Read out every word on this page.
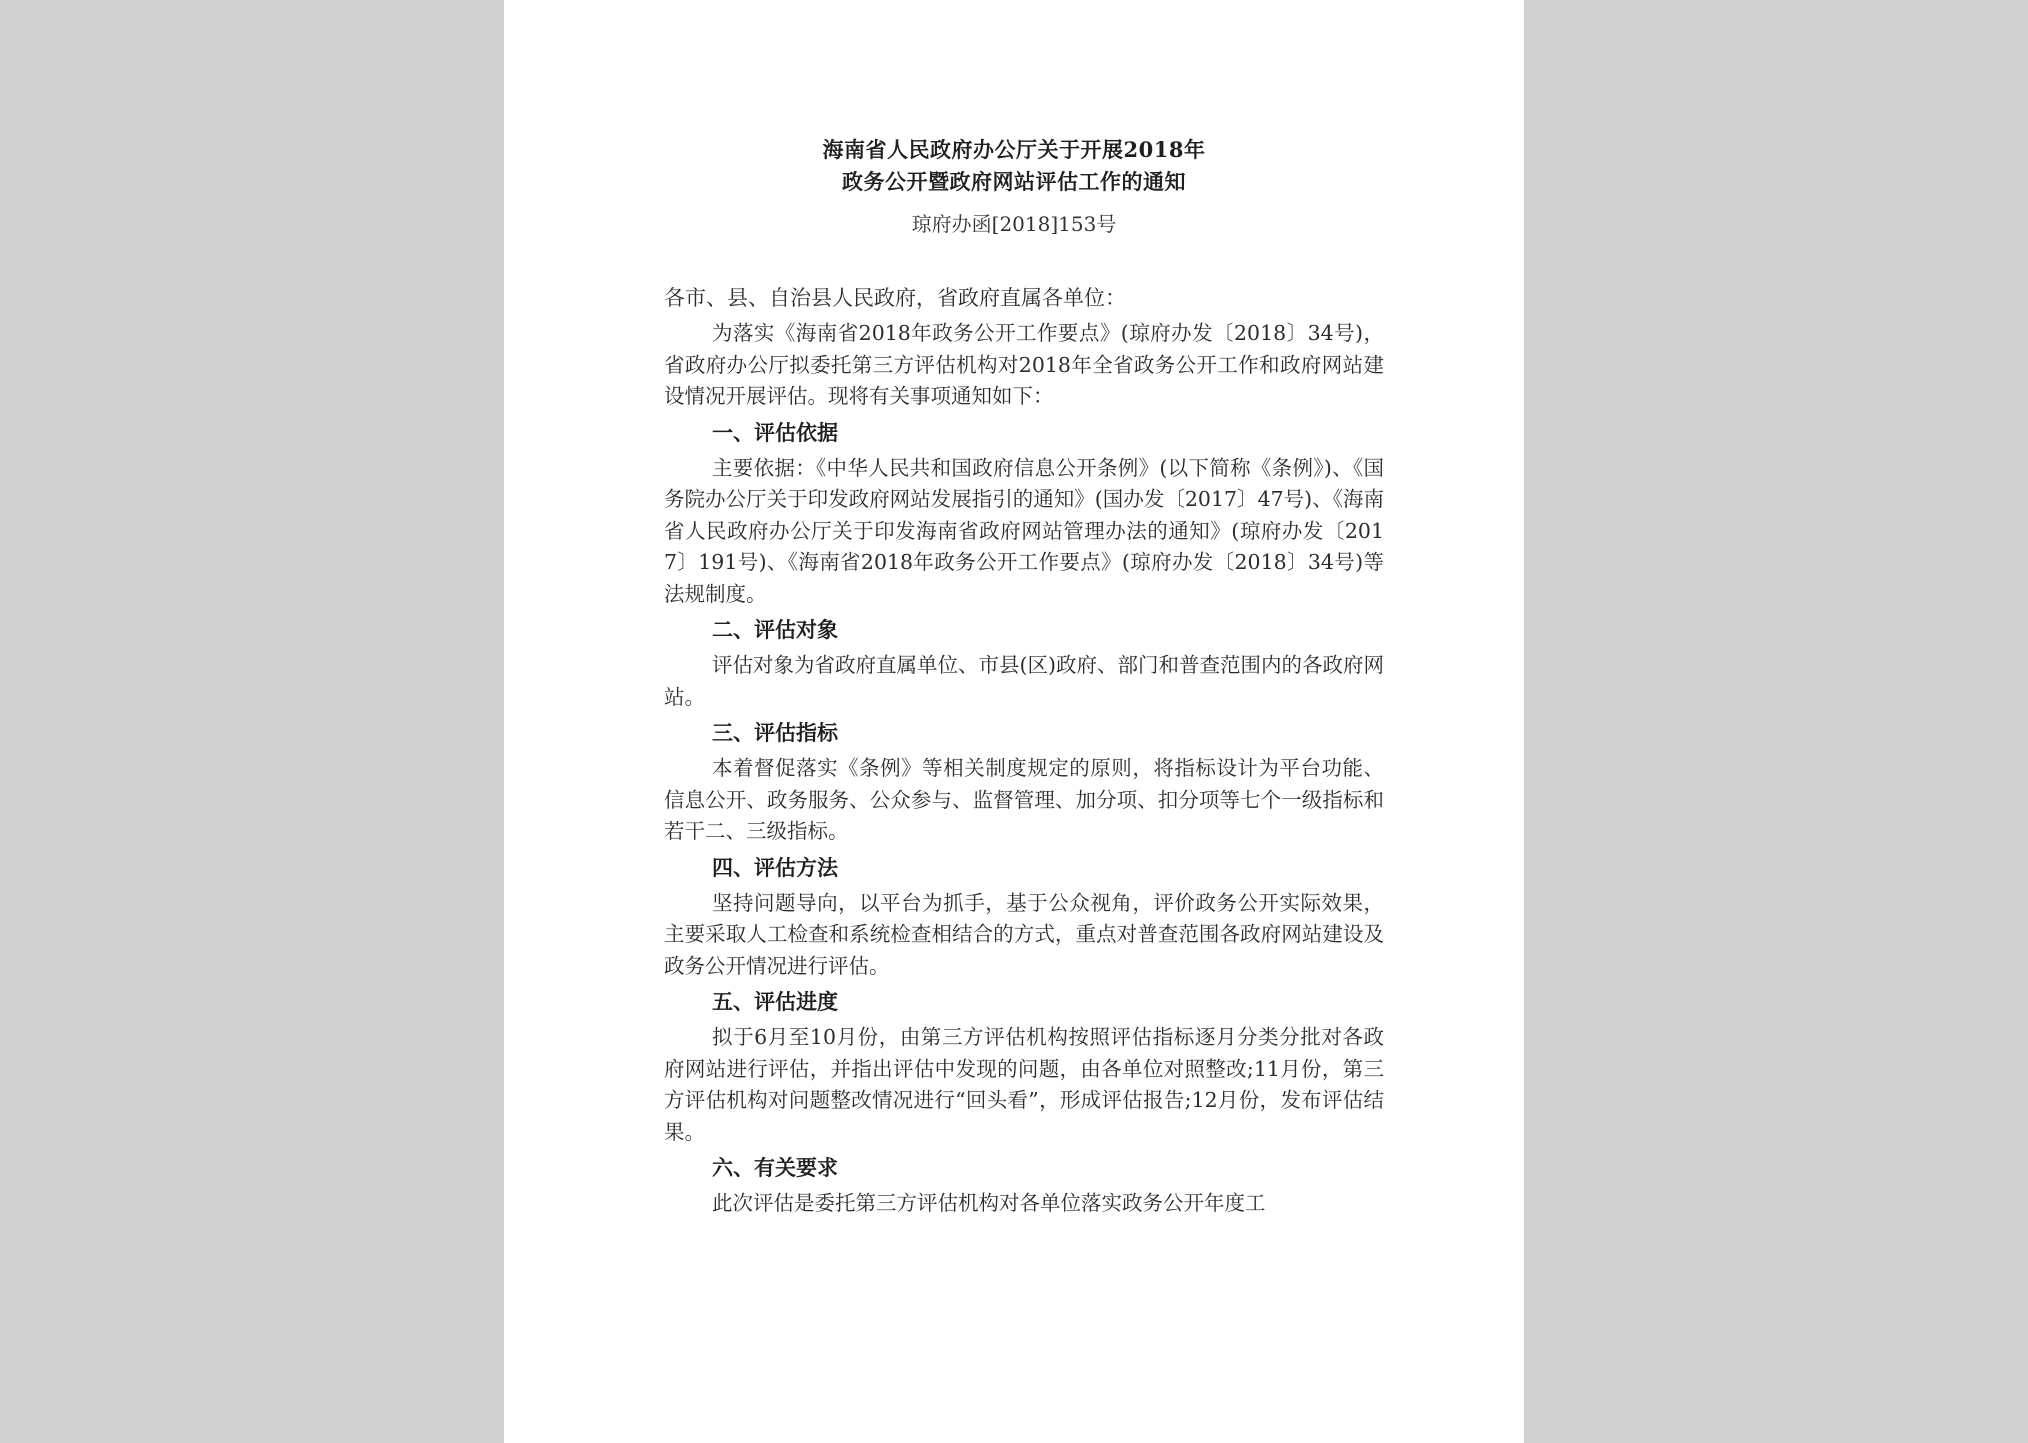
海南省人民政府办公厅关于开展2018年
政务公开暨政府网站评估工作的通知
琼府办函[2018]153号

各市、县、自治县人民政府，省政府直属各单位：

为落实《海南省2018年政务公开工作要点》(琼府办发〔2018〕34号)，省政府办公厅拟委托第三方评估机构对2018年全省政务公开工作和政府网站建设情况开展评估。现将有关事项通知如下：

一、评估依据

主要依据：《中华人民共和国政府信息公开条例》(以下简称《条例》)、《国务院办公厅关于印发政府网站发展指引的通知》(国办发〔2017〕47号)、《海南省人民政府办公厅关于印发海南省政府网站管理办法的通知》(琼府办发〔2017〕191号)、《海南省2018年政务公开工作要点》(琼府办发〔2018〕34号)等法规制度。

二、评估对象

评估对象为省政府直属单位、市县(区)政府、部门和普查范围内的各政府网站。

三、评估指标

本着督促落实《条例》等相关制度规定的原则，将指标设计为平台功能、信息公开、政务服务、公众参与、监督管理、加分项、扣分项等七个一级指标和若干二、三级指标。

四、评估方法

坚持问题导向，以平台为抓手，基于公众视角，评价政务公开实际效果，主要采取人工检查和系统检查相结合的方式，重点对普查范围各政府网站建设及政务公开情况进行评估。

五、评估进度

拟于6月至10月份，由第三方评估机构按照评估指标逐月分类分批对各政府网站进行评估，并指出评估中发现的问题，由各单位对照整改;11月份，第三方评估机构对问题整改情况进行“回头看”，形成评估报告;12月份，发布评估结果。

六、有关要求

此次评估是委托第三方评估机构对各单位落实政务公开年度工
